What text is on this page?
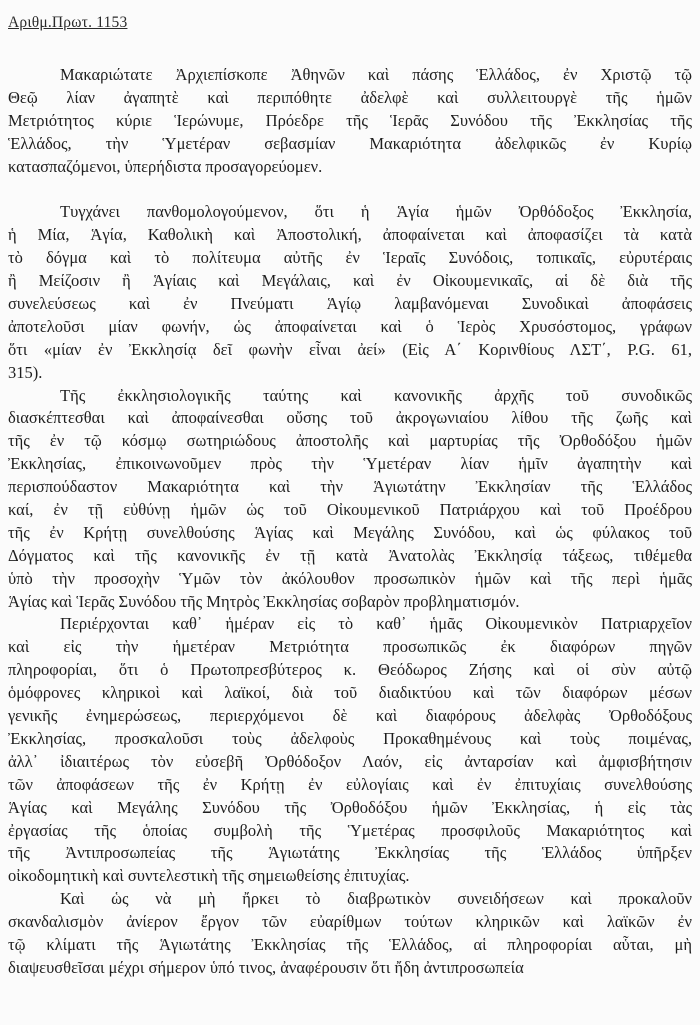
Αριθμ.Πρωτ. 1153
Μακαριώτατε Ἀρχιεπίσκοπε Ἀθηνῶν καὶ πάσης Ἑλλάδος, ἐν Χριστῷ τῷ
Θεῷ λίαν ἀγαπητὲ καὶ περιπόθητε ἀδελφὲ καὶ συλλειτουργὲ τῆς ἡμῶν
Μετριότητος κύριε Ἱερώνυμε, Πρόεδρε τῆς Ἱερᾶς Συνόδου τῆς Ἐκκλησίας τῆς
Ἑλλάδος, τὴν Ὑμετέραν σεβασμίαν Μακαριότητα ἀδελφικῶς ἐν Κυρίῳ
κατασπαζόμενοι, ὑπερήδιστα προσαγορεύομεν.
Τυγχάνει πανθομολογούμενον, ὅτι ἡ Ἁγία ἡμῶν Ὀρθόδοξος Ἐκκλησία,
ἡ Μία, Ἁγία, Καθολικὴ καὶ Ἀποστολική, ἀποφαίνεται καὶ ἀποφασίζει τὰ κατὰ
τὸ δόγμα καὶ τὸ πολίτευμα αὐτῆς ἐν Ἱεραῖς Συνόδοις, τοπικαῖς, εὐρυτέραις
ἢ Μείζοσιν ἢ Ἁγίαις καὶ Μεγάλαις, καὶ ἐν Οἰκουμενικαῖς, αἱ δὲ διὰ τῆς
συνελεύσεως καὶ ἐν Πνεύματι Ἁγίῳ λαμβανόμεναι Συνοδικαὶ ἀποφάσεις
ἀποτελοῦσι μίαν φωνήν, ὡς ἀποφαίνεται καὶ ὁ Ἱερὸς Χρυσόστομος, γράφων
ὅτι «μίαν ἐν Ἐκκλησίᾳ δεῖ φωνὴν εἶναι ἀεί» (Εἰς Α΄ Κορινθίους ΛΣΤ΄, P.G. 61,
315).
Τῆς ἐκκλησιολογικῆς ταύτης καὶ κανονικῆς ἀρχῆς τοῦ συνοδικῶς
διασκέπτεσθαι καὶ ἀποφαίνεσθαι οὔσης τοῦ ἀκρογωνιαίου λίθου τῆς ζωῆς καὶ
τῆς ἐν τῷ κόσμῳ σωτηριώδους ἀποστολῆς καὶ μαρτυρίας τῆς Ὀρθοδόξου ἡμῶν
Ἐκκλησίας, ἐπικοινωνοῦμεν πρὸς τὴν Ὑμετέραν λίαν ἡμῖν ἀγαπητὴν καὶ
περισπούδαστον Μακαριότητα καὶ τὴν Ἁγιωτάτην Ἐκκλησίαν τῆς Ἑλλάδος
καί, ἐν τῇ εὐθύνῃ ἡμῶν ὡς τοῦ Οἰκουμενικοῦ Πατριάρχου καὶ τοῦ Προέδρου
τῆς ἐν Κρήτῃ συνελθούσης Ἁγίας καὶ Μεγάλης Συνόδου, καὶ ὡς φύλακος τοῦ
Δόγματος καὶ τῆς κανονικῆς ἐν τῇ κατὰ Ἀνατολὰς Ἐκκλησίᾳ τάξεως, τιθέμεθα
ὑπὸ τὴν προσοχὴν Ὑμῶν τὸν ἀκόλουθον προσωπικὸν ἡμῶν καὶ τῆς περὶ ἡμᾶς
Ἁγίας καὶ Ἱερᾶς Συνόδου τῆς Μητρὸς Ἐκκλησίας σοβαρὸν προβληματισμόν.
Περιέρχονται καθ᾽ ἡμέραν εἰς τὸ καθ᾽ ἡμᾶς Οἰκουμενικὸν Πατριαρχεῖον
καὶ εἰς τὴν ἡμετέραν Μετριότητα προσωπικῶς ἐκ διαφόρων πηγῶν
πληροφορίαι, ὅτι ὁ Πρωτοπρεσβύτερος κ. Θεόδωρος Ζήσης καὶ οἱ σὺν αὐτῷ
ὁμόφρονες κληρικοὶ καὶ λαϊκοί, διὰ τοῦ διαδικτύου καὶ τῶν διαφόρων μέσων
γενικῆς ἐνημερώσεως, περιερχόμενοι δὲ καὶ διαφόρους ἀδελφὰς Ὀρθοδόξους
Ἐκκλησίας, προσκαλοῦσι τοὺς ἀδελφοὺς Προκαθημένους καὶ τοὺς ποιμένας,
ἀλλ᾽ ἰδιαιτέρως τὸν εὐσεβῆ Ὀρθόδοξον Λαόν, εἰς ἀνταρσίαν καὶ ἀμφισβήτησιν
τῶν ἀποφάσεων τῆς ἐν Κρήτῃ ἐν εὐλογίαις καὶ ἐν ἐπιτυχίαις συνελθούσης
Ἁγίας καὶ Μεγάλης Συνόδου τῆς Ὀρθοδόξου ἡμῶν Ἐκκλησίας, ἡ εἰς τὰς
ἐργασίας τῆς ὁποίας συμβολὴ τῆς Ὑμετέρας προσφιλοῦς Μακαριότητος καὶ
τῆς Ἀντιπροσωπείας τῆς Ἁγιωτάτης Ἐκκλησίας τῆς Ἑλλάδος ὑπῆρξεν
οἰκοδομητικὴ καὶ συντελεστικὴ τῆς σημειωθείσης ἐπιτυχίας.
Καὶ ὡς νὰ μὴ ἤρκει τὸ διαβρωτικὸν συνειδήσεων καὶ προκαλοῦν
σκανδαλισμὸν ἀνίερον ἔργον τῶν εὐαρίθμων τούτων κληρικῶν καὶ λαϊκῶν ἐν
τῷ κλίματι τῆς Ἁγιωτάτης Ἐκκλησίας τῆς Ἑλλάδος, αἱ πληροφορίαι αὗται, μὴ
διαψευσθεῖσαι μέχρι σήμερον ὑπό τινος, ἀναφέρουσιν ὅτι ἤδη ἀντιπροσωπεία
